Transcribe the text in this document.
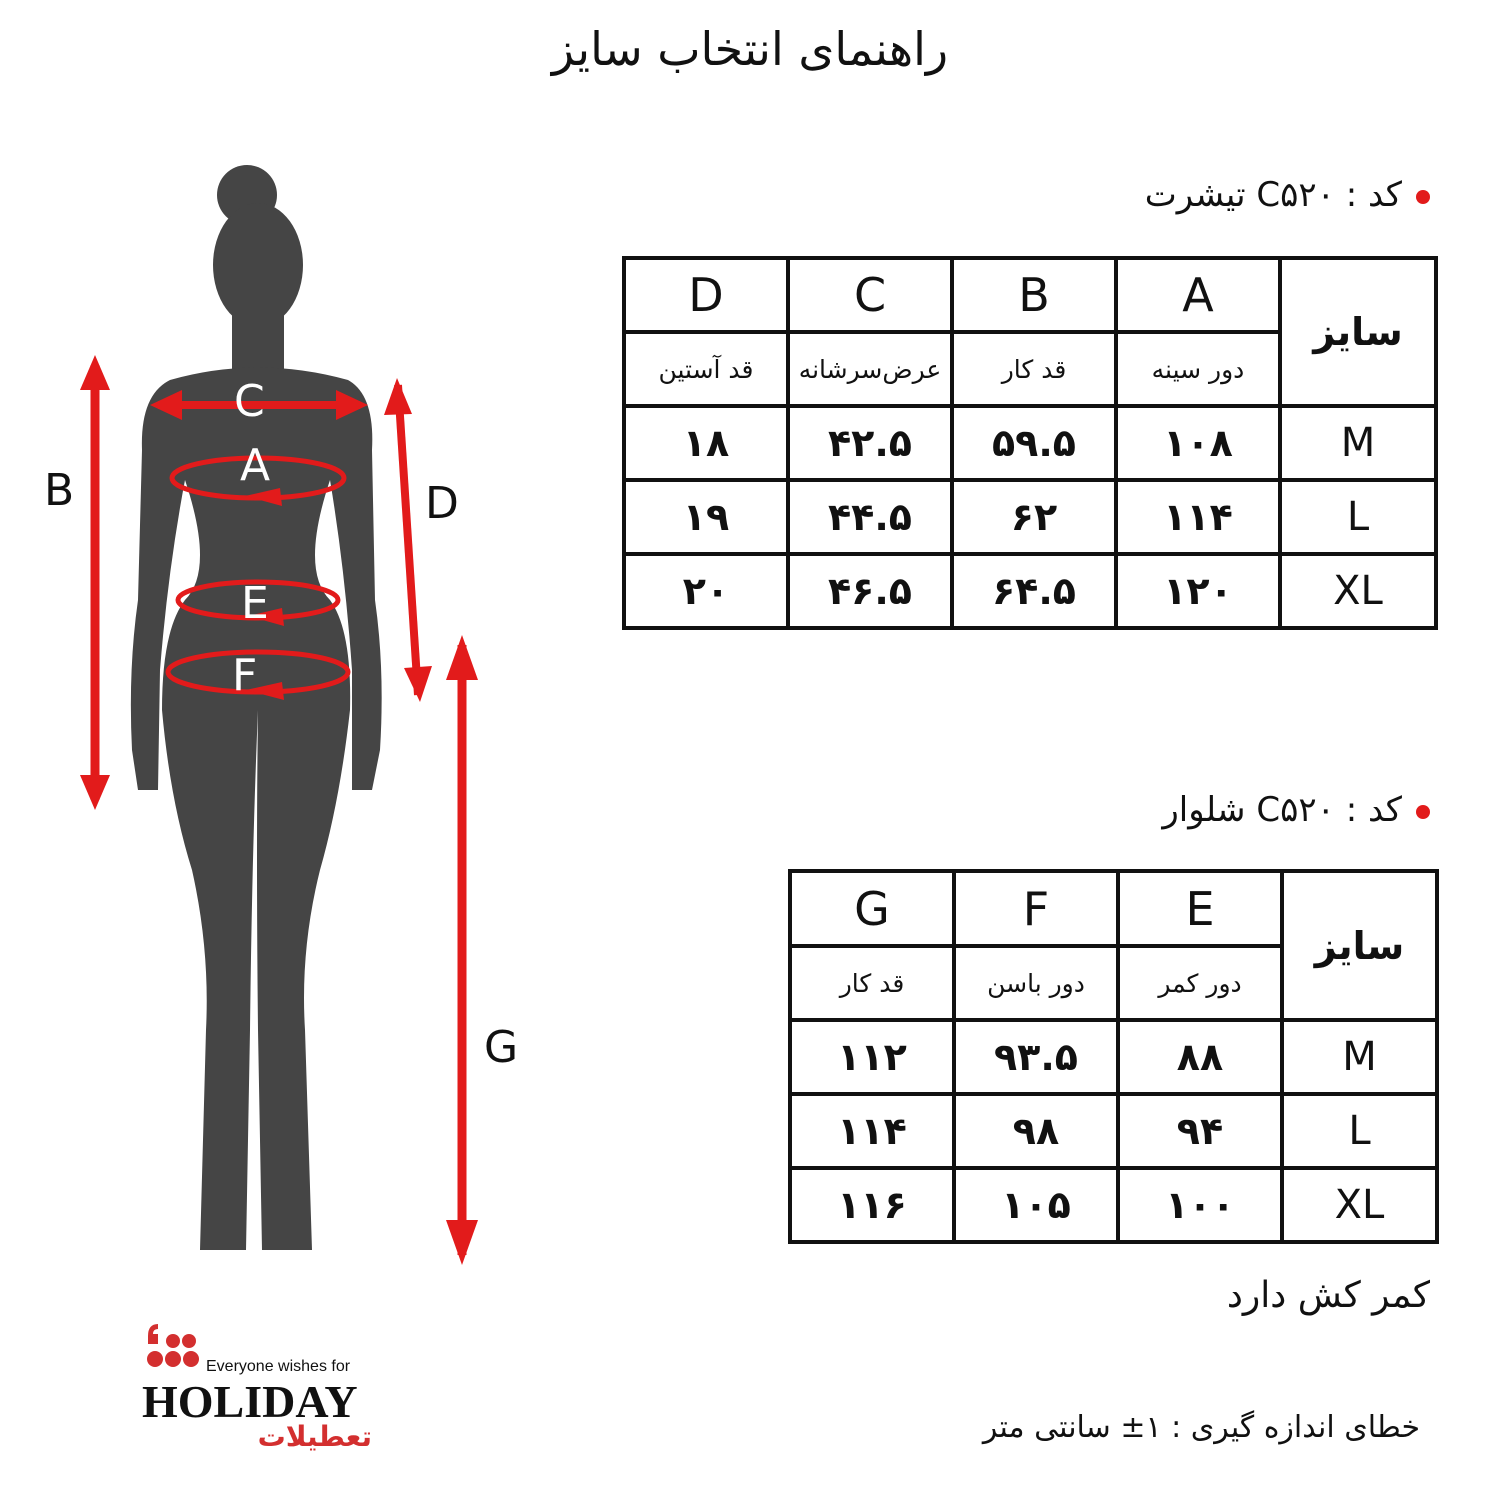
راهنمای انتخاب سایز
B
C
A
D
E
F
G
کد : C۵۲۰ تیشرت
D	C	B	A	سایز
قد آستین	عرض‌سرشانه	قد کار	دور سینه	
۱۸	۴۲.۵	۵۹.۵	۱۰۸	M
۱۹	۴۴.۵	۶۲	۱۱۴	L
۲۰	۴۶.۵	۶۴.۵	۱۲۰	XL
کد : C۵۲۰ شلوار
G	F	E	سایز
قد کار	دور باسن	دور کمر	
۱۱۲	۹۳.۵	۸۸	M
۱۱۴	۹۸	۹۴	L
۱۱۶	۱۰۵	۱۰۰	XL
کمر کش دارد
خطای اندازه گیری : ۱± سانتی متر
Everyone wishes for
HOLIDAY
تعطیلات
